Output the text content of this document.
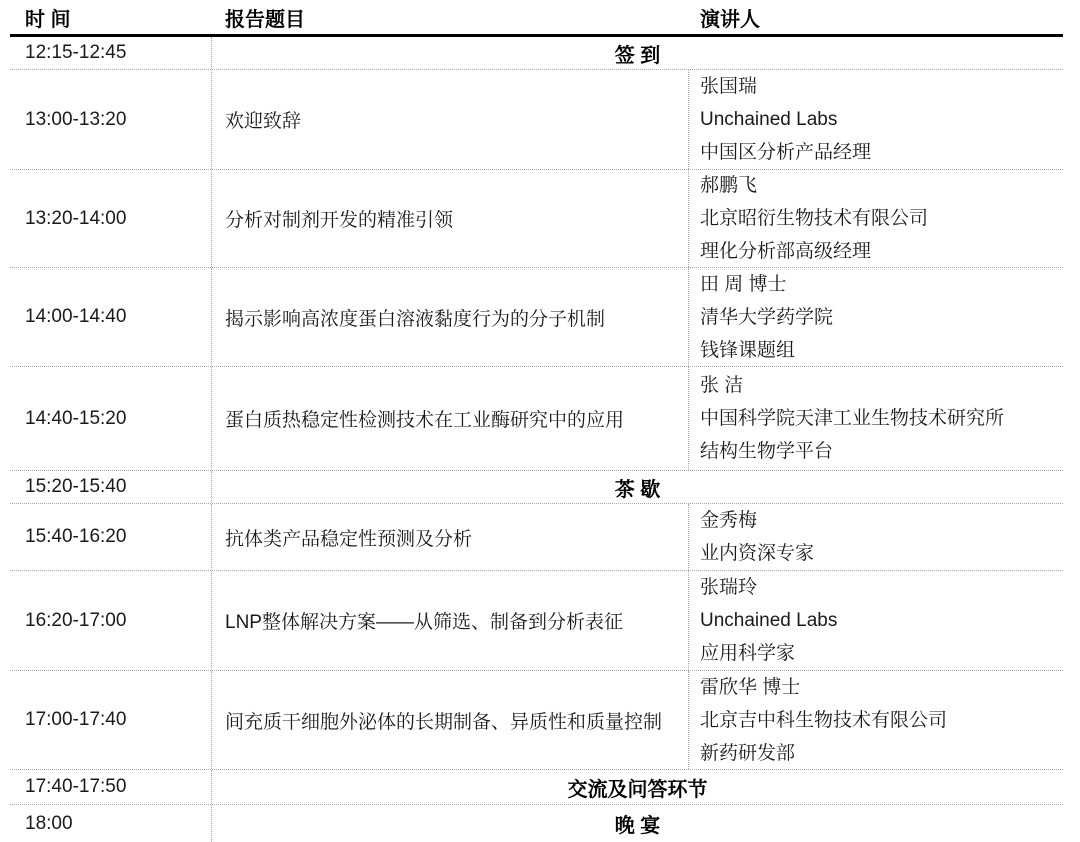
时 间	报告题目	演讲人
12:15-12:45	签 到
13:00-13:20	欢迎致辞
张国瑞
Unchained Labs
中国区分析产品经理
13:20-14:00	分析对制剂开发的精准引领
郝鹏飞
北京昭衍生物技术有限公司
理化分析部高级经理
14:00-14:40	揭示影响高浓度蛋白溶液黏度行为的分子机制
田 周 博士
清华大学药学院
钱锋课题组
14:40-15:20	蛋白质热稳定性检测技术在工业酶研究中的应用
张 洁
中国科学院天津工业生物技术研究所
结构生物学平台
15:20-15:40	茶 歇
15:40-16:20	抗体类产品稳定性预测及分析
金秀梅
业内资深专家
16:20-17:00	LNP整体解决方案——从筛选、制备到分析表征
张瑞玲
Unchained Labs
应用科学家
17:00-17:40	间充质干细胞外泌体的长期制备、异质性和质量控制
雷欣华 博士
北京吉中科生物技术有限公司
新药研发部
17:40-17:50	交流及问答环节
18:00	晚 宴
